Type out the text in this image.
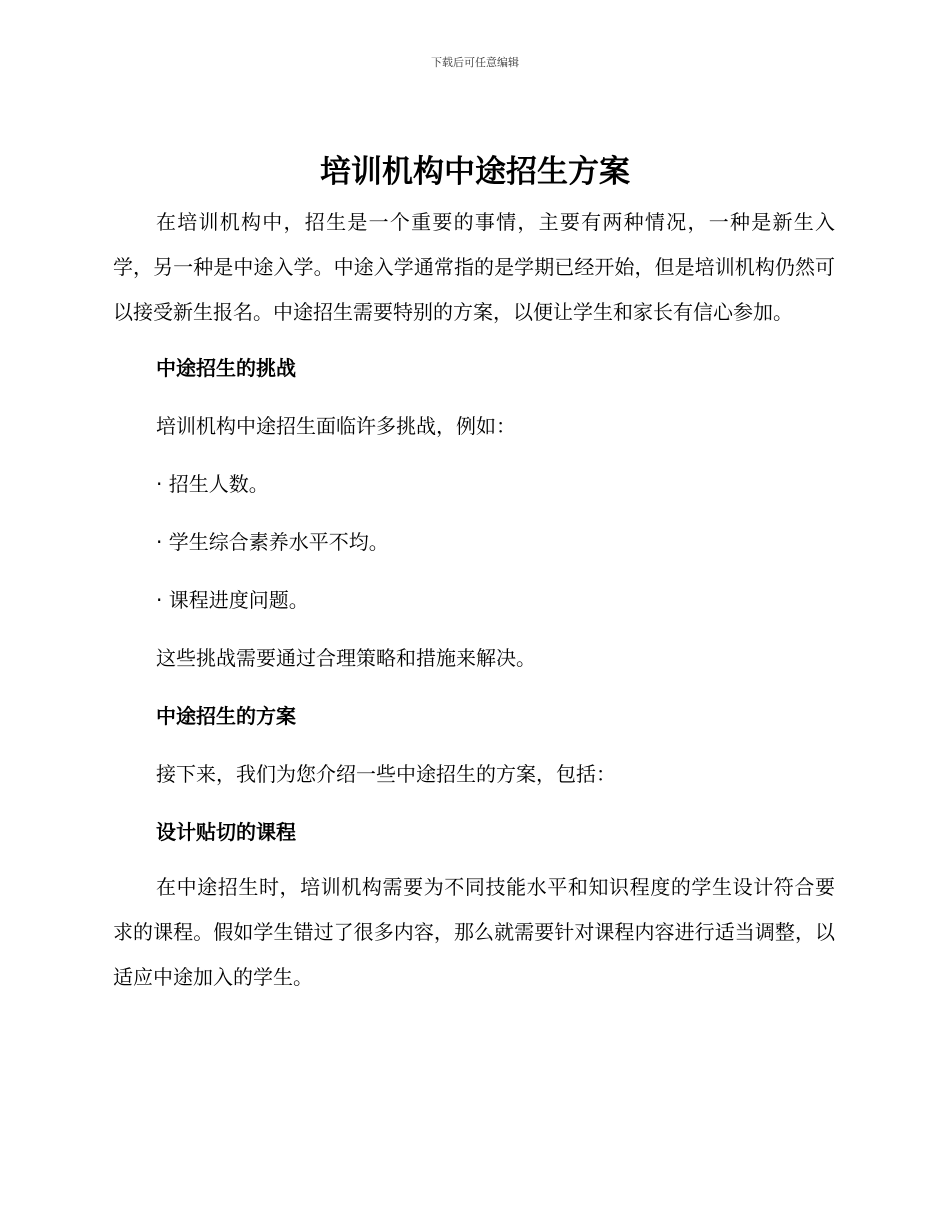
下载后可任意编辑
培训机构中途招生方案

在培训机构中，招生是一个重要的事情，主要有两种情况，一种是新生入学，另一种是中途入学。中途入学通常指的是学期已经开始，但是培训机构仍然可以接受新生报名。中途招生需要特别的方案，以便让学生和家长有信心参加。

中途招生的挑战

培训机构中途招生面临许多挑战，例如：

· 招生人数。

· 学生综合素养水平不均。

· 课程进度问题。

这些挑战需要通过合理策略和措施来解决。

中途招生的方案

接下来，我们为您介绍一些中途招生的方案，包括：

设计贴切的课程

在中途招生时，培训机构需要为不同技能水平和知识程度的学生设计符合要求的课程。假如学生错过了很多内容，那么就需要针对课程内容进行适当调整，以适应中途加入的学生。
